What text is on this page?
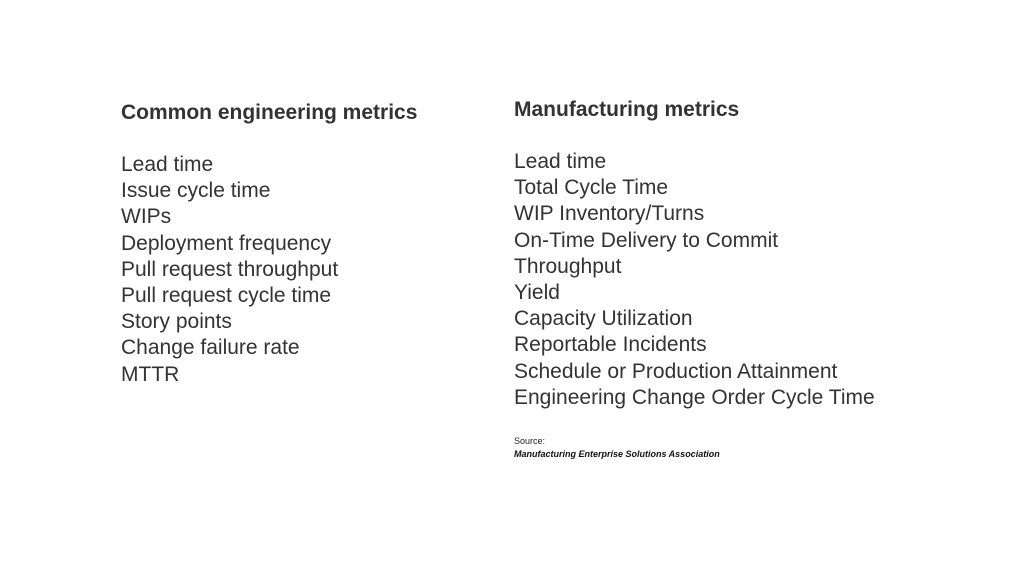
Common engineering metrics
Lead time
Issue cycle time
WIPs
Deployment frequency
Pull request throughput
Pull request cycle time
Story points
Change failure rate
MTTR
Manufacturing metrics
Lead time
Total Cycle Time
WIP Inventory/Turns
On-Time Delivery to Commit
Throughput
Yield
Capacity Utilization
Reportable Incidents
Schedule or Production Attainment
Engineering Change Order Cycle Time
Source:
Manufacturing Enterprise Solutions Association
